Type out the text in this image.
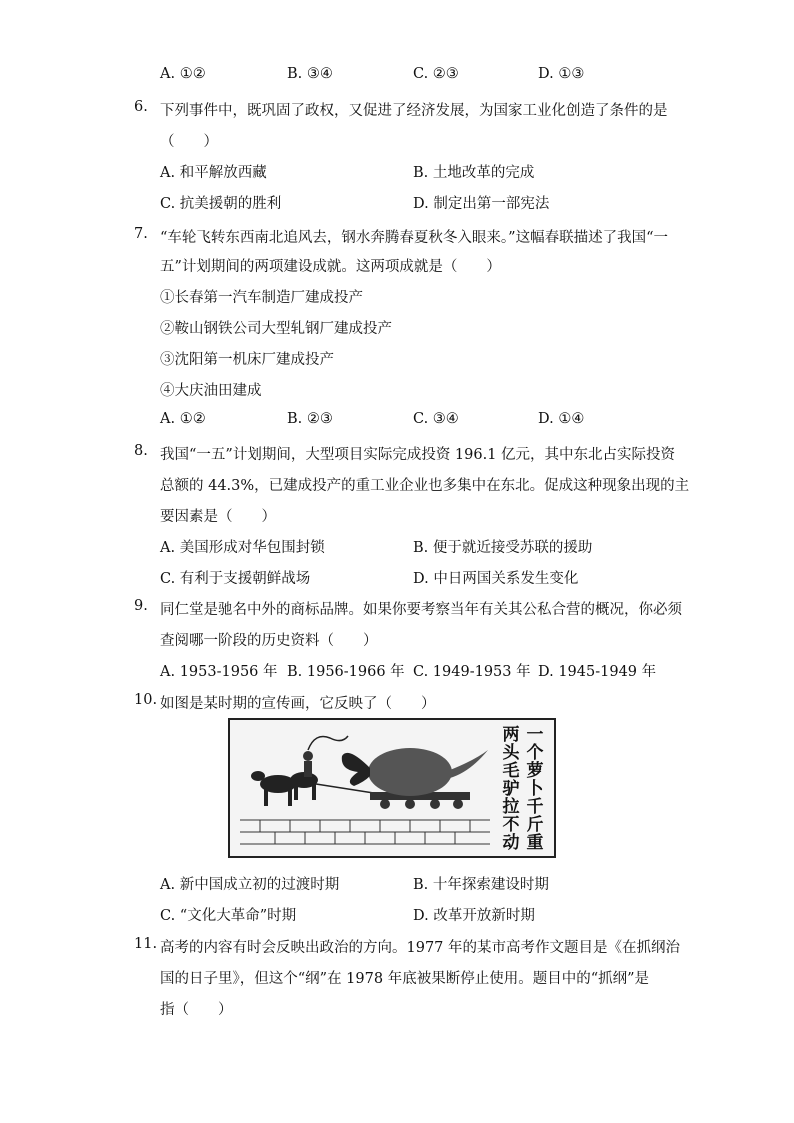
A. ①②	B. ③④	C. ②③	D. ①③
6. 下列事件中，既巩固了政权，又促进了经济发展，为国家工业化创造了条件的是
（　　）
A. 和平解放西藏	B. 土地改革的完成
C. 抗美援朝的胜利	D. 制定出第一部宪法
7. “车轮飞转东西南北追风去，钢水奔腾春夏秋冬入眼来。”这幅春联描述了我国“一
五”计划期间的两项建设成就。这两项成就是（　　）
①长春第一汽车制造厂建成投产
②鞍山钢铁公司大型轧钢厂建成投产
③沈阳第一机床厂建成投产
④大庆油田建成
A. ①②	B. ②③	C. ③④	D. ①④
8. 我国“一五”计划期间，大型项目实际完成投资 196.1 亿元，其中东北占实际投资
总额的 44.3%，已建成投产的重工业企业也多集中在东北。促成这种现象出现的主
要因素是（　　）
A. 美国形成对华包围封锁	B. 便于就近接受苏联的援助
C. 有利于支援朝鲜战场	D. 中日两国关系发生变化
9. 同仁堂是驰名中外的商标品牌。如果你要考察当年有关其公私合营的概况，你必须
查阅哪一阶段的历史资料（　　）
A. 1953-1956 年 B. 1956-1966 年 C. 1949-1953 年 D. 1945-1949 年
10. 如图是某时期的宣传画，它反映了（　　）
一个萝卜千斤重
两头毛驴拉不动
A. 新中国成立初的过渡时期	B. 十年探索建设时期
C. “文化大革命”时期	D. 改革开放新时期
11. 高考的内容有时会反映出政治的方向。1977 年的某市高考作文题目是《在抓纲治
国的日子里》，但这个“纲”在 1978 年底被果断停止使用。题目中的“抓纲”是
指（　　）
